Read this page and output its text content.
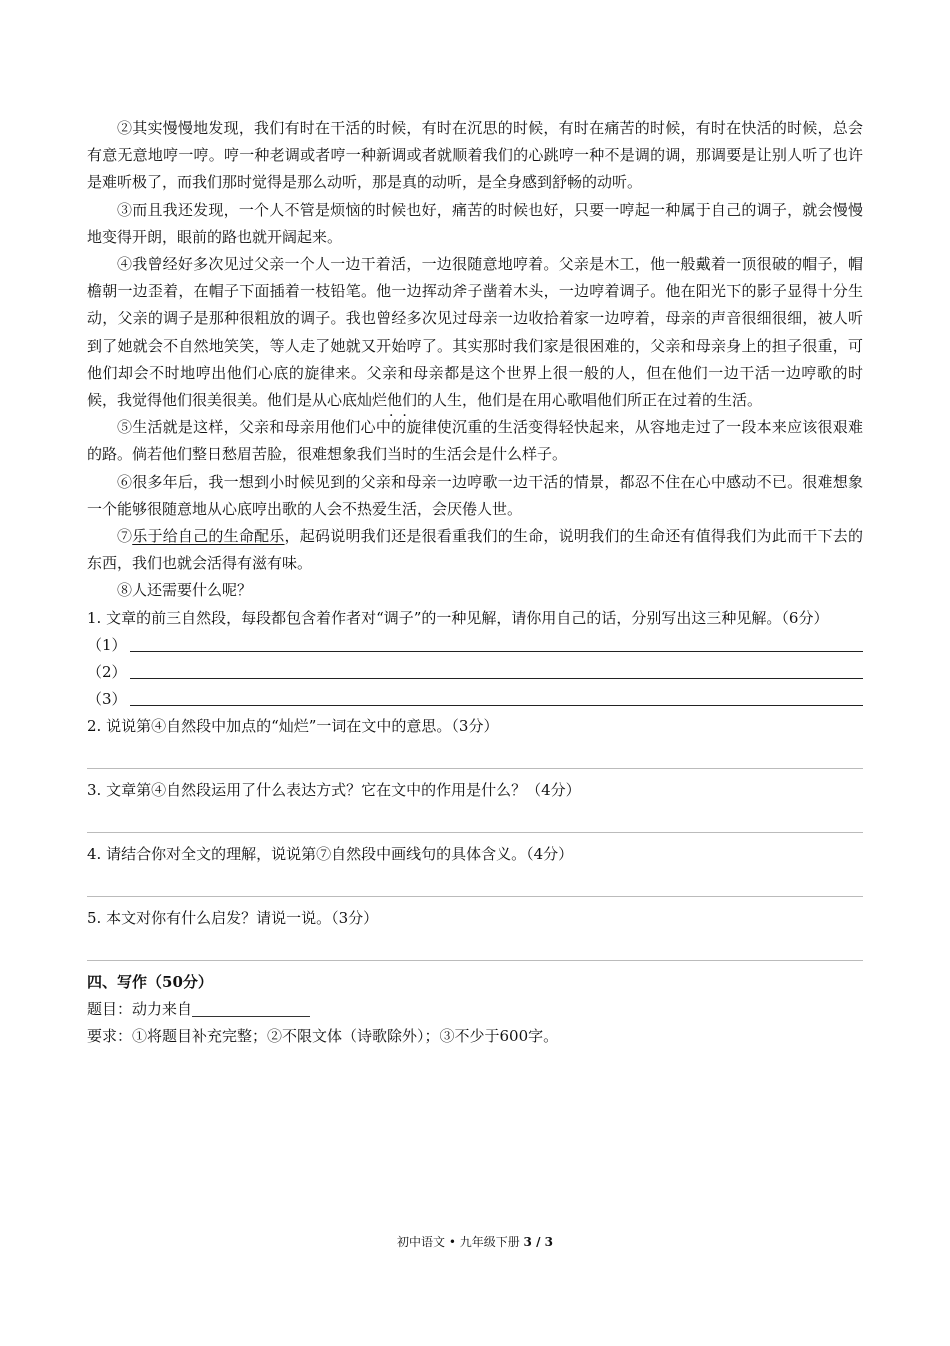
②其实慢慢地发现，我们有时在干活的时候，有时在沉思的时候，有时在痛苦的时候，有时在快活的时候，总会有意无意地哼一哼。哼一种老调或者哼一种新调或者就顺着我们的心跳哼一种不是调的调，那调要是让别人听了也许是难听极了，而我们那时觉得是那么动听，那是真的动听，是全身感到舒畅的动听。

③而且我还发现，一个人不管是烦恼的时候也好，痛苦的时候也好，只要一哼起一种属于自己的调子，就会慢慢地变得开朗，眼前的路也就开阔起来。

④我曾经好多次见过父亲一个人一边干着活，一边很随意地哼着。父亲是木工，他一般戴着一顶很破的帽子，帽檐朝一边歪着，在帽子下面插着一枝铅笔。他一边挥动斧子凿着木头，一边哼着调子。他在阳光下的影子显得十分生动，父亲的调子是那种很粗放的调子。我也曾经多次见过母亲一边收拾着家一边哼着，母亲的声音很细很细，被人听到了她就会不自然地笑笑，等人走了她就又开始哼了。其实那时我们家是很困难的，父亲和母亲身上的担子很重，可他们却会不时地哼出他们心底的旋律来。父亲和母亲都是这个世界上很一般的人，但在他们一边干活一边哼歌的时候，我觉得他们很美很美。他们是从心底灿烂 · ·他们的人生，他们是在用心歌唱他们所正在过着的生活。

⑤生活就是这样，父亲和母亲用他们心中的旋律使沉重的生活变得轻快起来，从容地走过了一段本来应该很艰难的路。倘若他们整日愁眉苦脸，很难想象我们当时的生活会是什么样子。

⑥很多年后，我一想到小时候见到的父亲和母亲一边哼歌一边干活的情景，都忍不住在心中感动不已。很难想象一个能够很随意地从心底哼出歌的人会不热爱生活，会厌倦人世。

⑦乐于给自己的生命配乐，起码说明我们还是很看重我们的生命，说明我们的生命还有值得我们为此而干下去的东西，我们也就会活得有滋有味。

⑧人还需要什么呢？

1. 文章的前三自然段，每段都包含着作者对“调子”的一种见解，请你用自己的话，分别写出这三种见解。（6分）

（1）
（2）
（3）

2. 说说第④自然段中加点的“灿烂”一词在文中的意思。（3分）

3. 文章第④自然段运用了什么表达方式？它在文中的作用是什么？（4分）

4. 请结合你对全文的理解，说说第⑦自然段中画线句的具体含义。（4分）

5. 本文对你有什么启发？请说一说。（3分）

四、写作（50分）

题目：动力来自

要求：①将题目补充完整；②不限文体（诗歌除外）；③不少于600字。

初中语文 • 九年级下册 3 / 3
